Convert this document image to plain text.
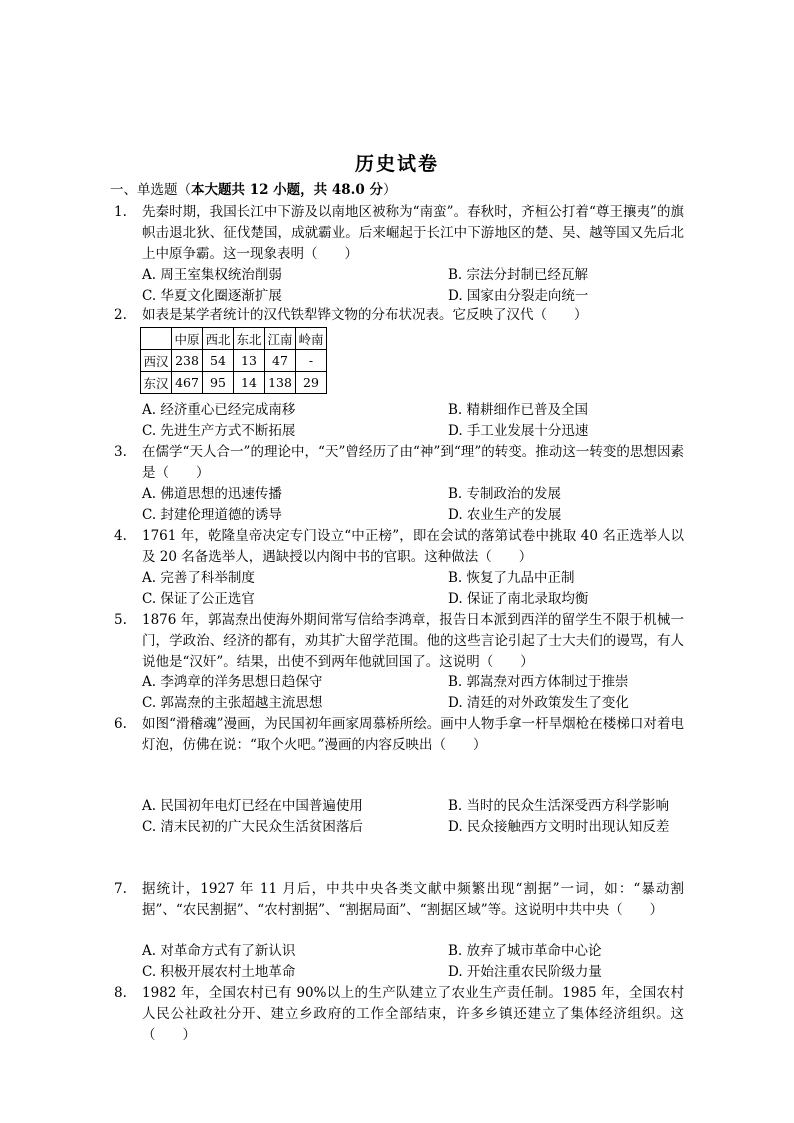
历史试卷
一、单选题（本大题共 12 小题，共 48.0 分）
1.	先秦时期，我国长江中下游及以南地区被称为“南蛮”。春秋时，齐桓公打着“尊王攘夷”的旗帜击退北狄、征伐楚国，成就霸业。后来崛起于长江中下游地区的楚、吴、越等国又先后北上中原争霸。这一现象表明（　　）
A. 周王室集权统治削弱	B. 宗法分封制已经瓦解
C. 华夏文化圈逐渐扩展	D. 国家由分裂走向统一
2.	如表是某学者统计的汉代铁犁铧文物的分布状况表。它反映了汉代（　　）
	中原	西北	东北	江南	岭南
西汉	238	54	13	47	-
东汉	467	95	14	138	29
A. 经济重心已经完成南移	B. 精耕细作已普及全国
C. 先进生产方式不断拓展	D. 手工业发展十分迅速
3.	在儒学“天人合一”的理论中，“天”曾经历了由“神”到“理”的转变。推动这一转变的思想因素是（　　）
A. 佛道思想的迅速传播	B. 专制政治的发展
C. 封建伦理道德的诱导	D. 农业生产的发展
4.	1761 年，乾隆皇帝决定专门设立“中正榜”，即在会试的落第试卷中挑取 40 名正选举人以及 20 名备选举人，遇缺授以内阁中书的官职。这种做法（　　）
A. 完善了科举制度	B. 恢复了九品中正制
C. 保证了公正选官	D. 保证了南北录取均衡
5.	1876 年，郭嵩焘出使海外期间常写信给李鸿章，报告日本派到西洋的留学生不限于机械一门，学政治、经济的都有，劝其扩大留学范围。他的这些言论引起了士大夫们的谩骂，有人说他是“汉奸”。结果，出使不到两年他就回国了。这说明（　　）
A. 李鸿章的洋务思想日趋保守	B. 郭嵩焘对西方体制过于推崇
C. 郭嵩焘的主张超越主流思想	D. 清廷的对外政策发生了变化
6.	如图“滑稽魂”漫画，为民国初年画家周慕桥所绘。画中人物手拿一杆旱烟枪在楼梯口对着电灯泡，仿佛在说：“取个火吧。”漫画的内容反映出（　　）
A. 民国初年电灯已经在中国普遍使用	B. 当时的民众生活深受西方科学影响
C. 清末民初的广大民众生活贫困落后	D. 民众接触西方文明时出现认知反差
7.	据统计，1927 年 11 月后，中共中央各类文献中频繁出现“割据”一词，如：“暴动割据”、“农民割据”、“农村割据”、“割据局面”、“割据区域”等。这说明中共中央（　　）
A. 对革命方式有了新认识	B. 放弃了城市革命中心论
C. 积极开展农村土地革命	D. 开始注重农民阶级力量
8.	1982 年，全国农村已有 90%以上的生产队建立了农业生产责任制。1985 年，全国农村人民公社政社分开、建立乡政府的工作全部结束，许多乡镇还建立了集体经济组织。这（　　）
